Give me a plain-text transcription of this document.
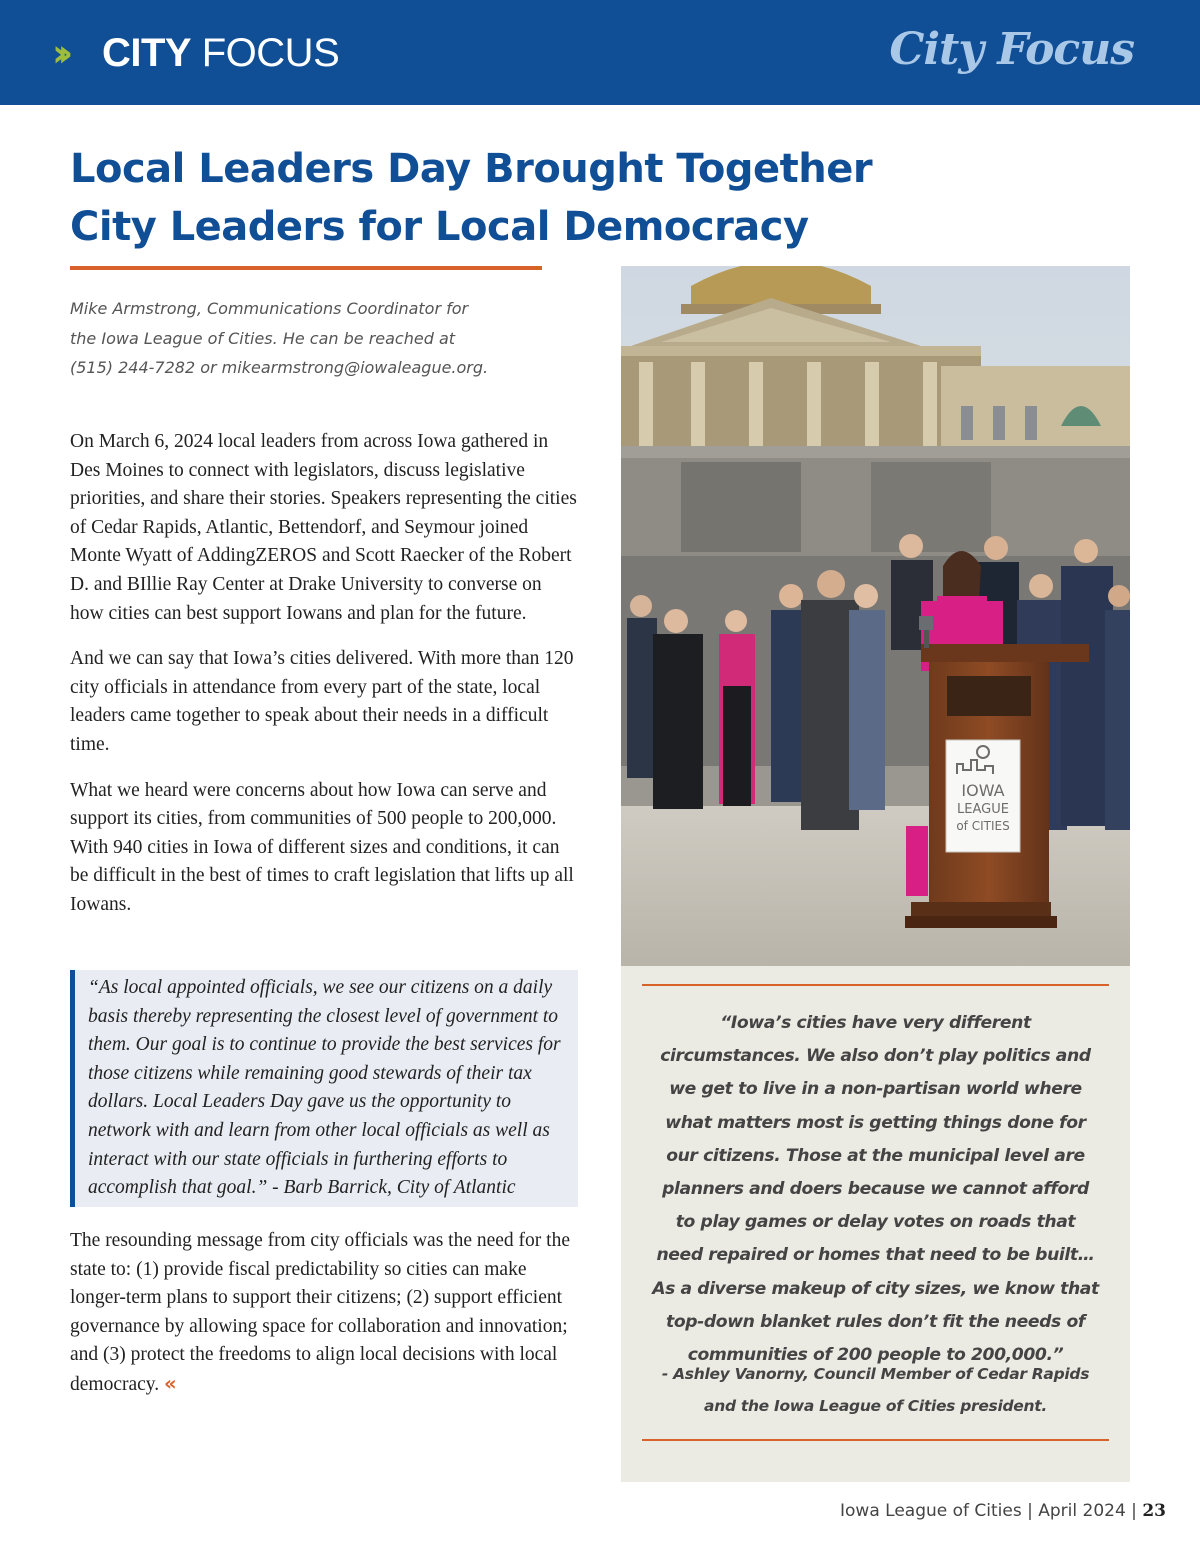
›› CITY FOCUS	City Focus
Local Leaders Day Brought Together
City Leaders for Local Democracy
Mike Armstrong, Communications Coordinator for
the Iowa League of Cities. He can be reached at
(515) 244-7282 or mikearmstrong@iowaleague.org.

On March 6, 2024 local leaders from across Iowa gathered in Des Moines to connect with legislators, discuss legislative priorities, and share their stories. Speakers representing the cities of Cedar Rapids, Atlantic, Bettendorf, and Seymour joined Monte Wyatt of AddingZEROS and Scott Raecker of the Robert D. and BIllie Ray Center at Drake University to converse on how cities can best support Iowans and plan for the future.

And we can say that Iowa’s cities delivered. With more than 120 city officials in attendance from every part of the state, local leaders came together to speak about their needs in a difficult time.

What we heard were concerns about how Iowa can serve and support its cities, from communities of 500 people to 200,000. With 940 cities in Iowa of different sizes and conditions, it can be difficult in the best of times to craft legislation that lifts up all Iowans.

“As local appointed officials, we see our citizens on a daily basis thereby representing the closest level of government to them. Our goal is to continue to provide the best services for those citizens while remaining good stewards of their tax dollars. Local Leaders Day gave us the opportunity to network with and learn from other local officials as well as interact with our state officials in furthering efforts to accomplish that goal.” - Barb Barrick, City of Atlantic

The resounding message from city officials was the need for the state to: (1) provide fiscal predictability so cities can make longer-term plans to support their citizens; (2) support efficient governance by allowing space for collaboration and innovation; and (3) protect the freedoms to align local decisions with local democracy. «
IOWA
LEAGUE
of CITIES
“Iowa’s cities have very different circumstances. We also don’t play politics and we get to live in a non-partisan world where what matters most is getting things done for our citizens. Those at the municipal level are planners and doers because we cannot afford to play games or delay votes on roads that need repaired or homes that need to be built… As a diverse makeup of city sizes, we know that top-down blanket rules don’t fit the needs of communities of 200 people to 200,000.”
- Ashley Vanorny, Council Member of Cedar Rapids
and the Iowa League of Cities president.
Iowa League of Cities | April 2024 | 23
